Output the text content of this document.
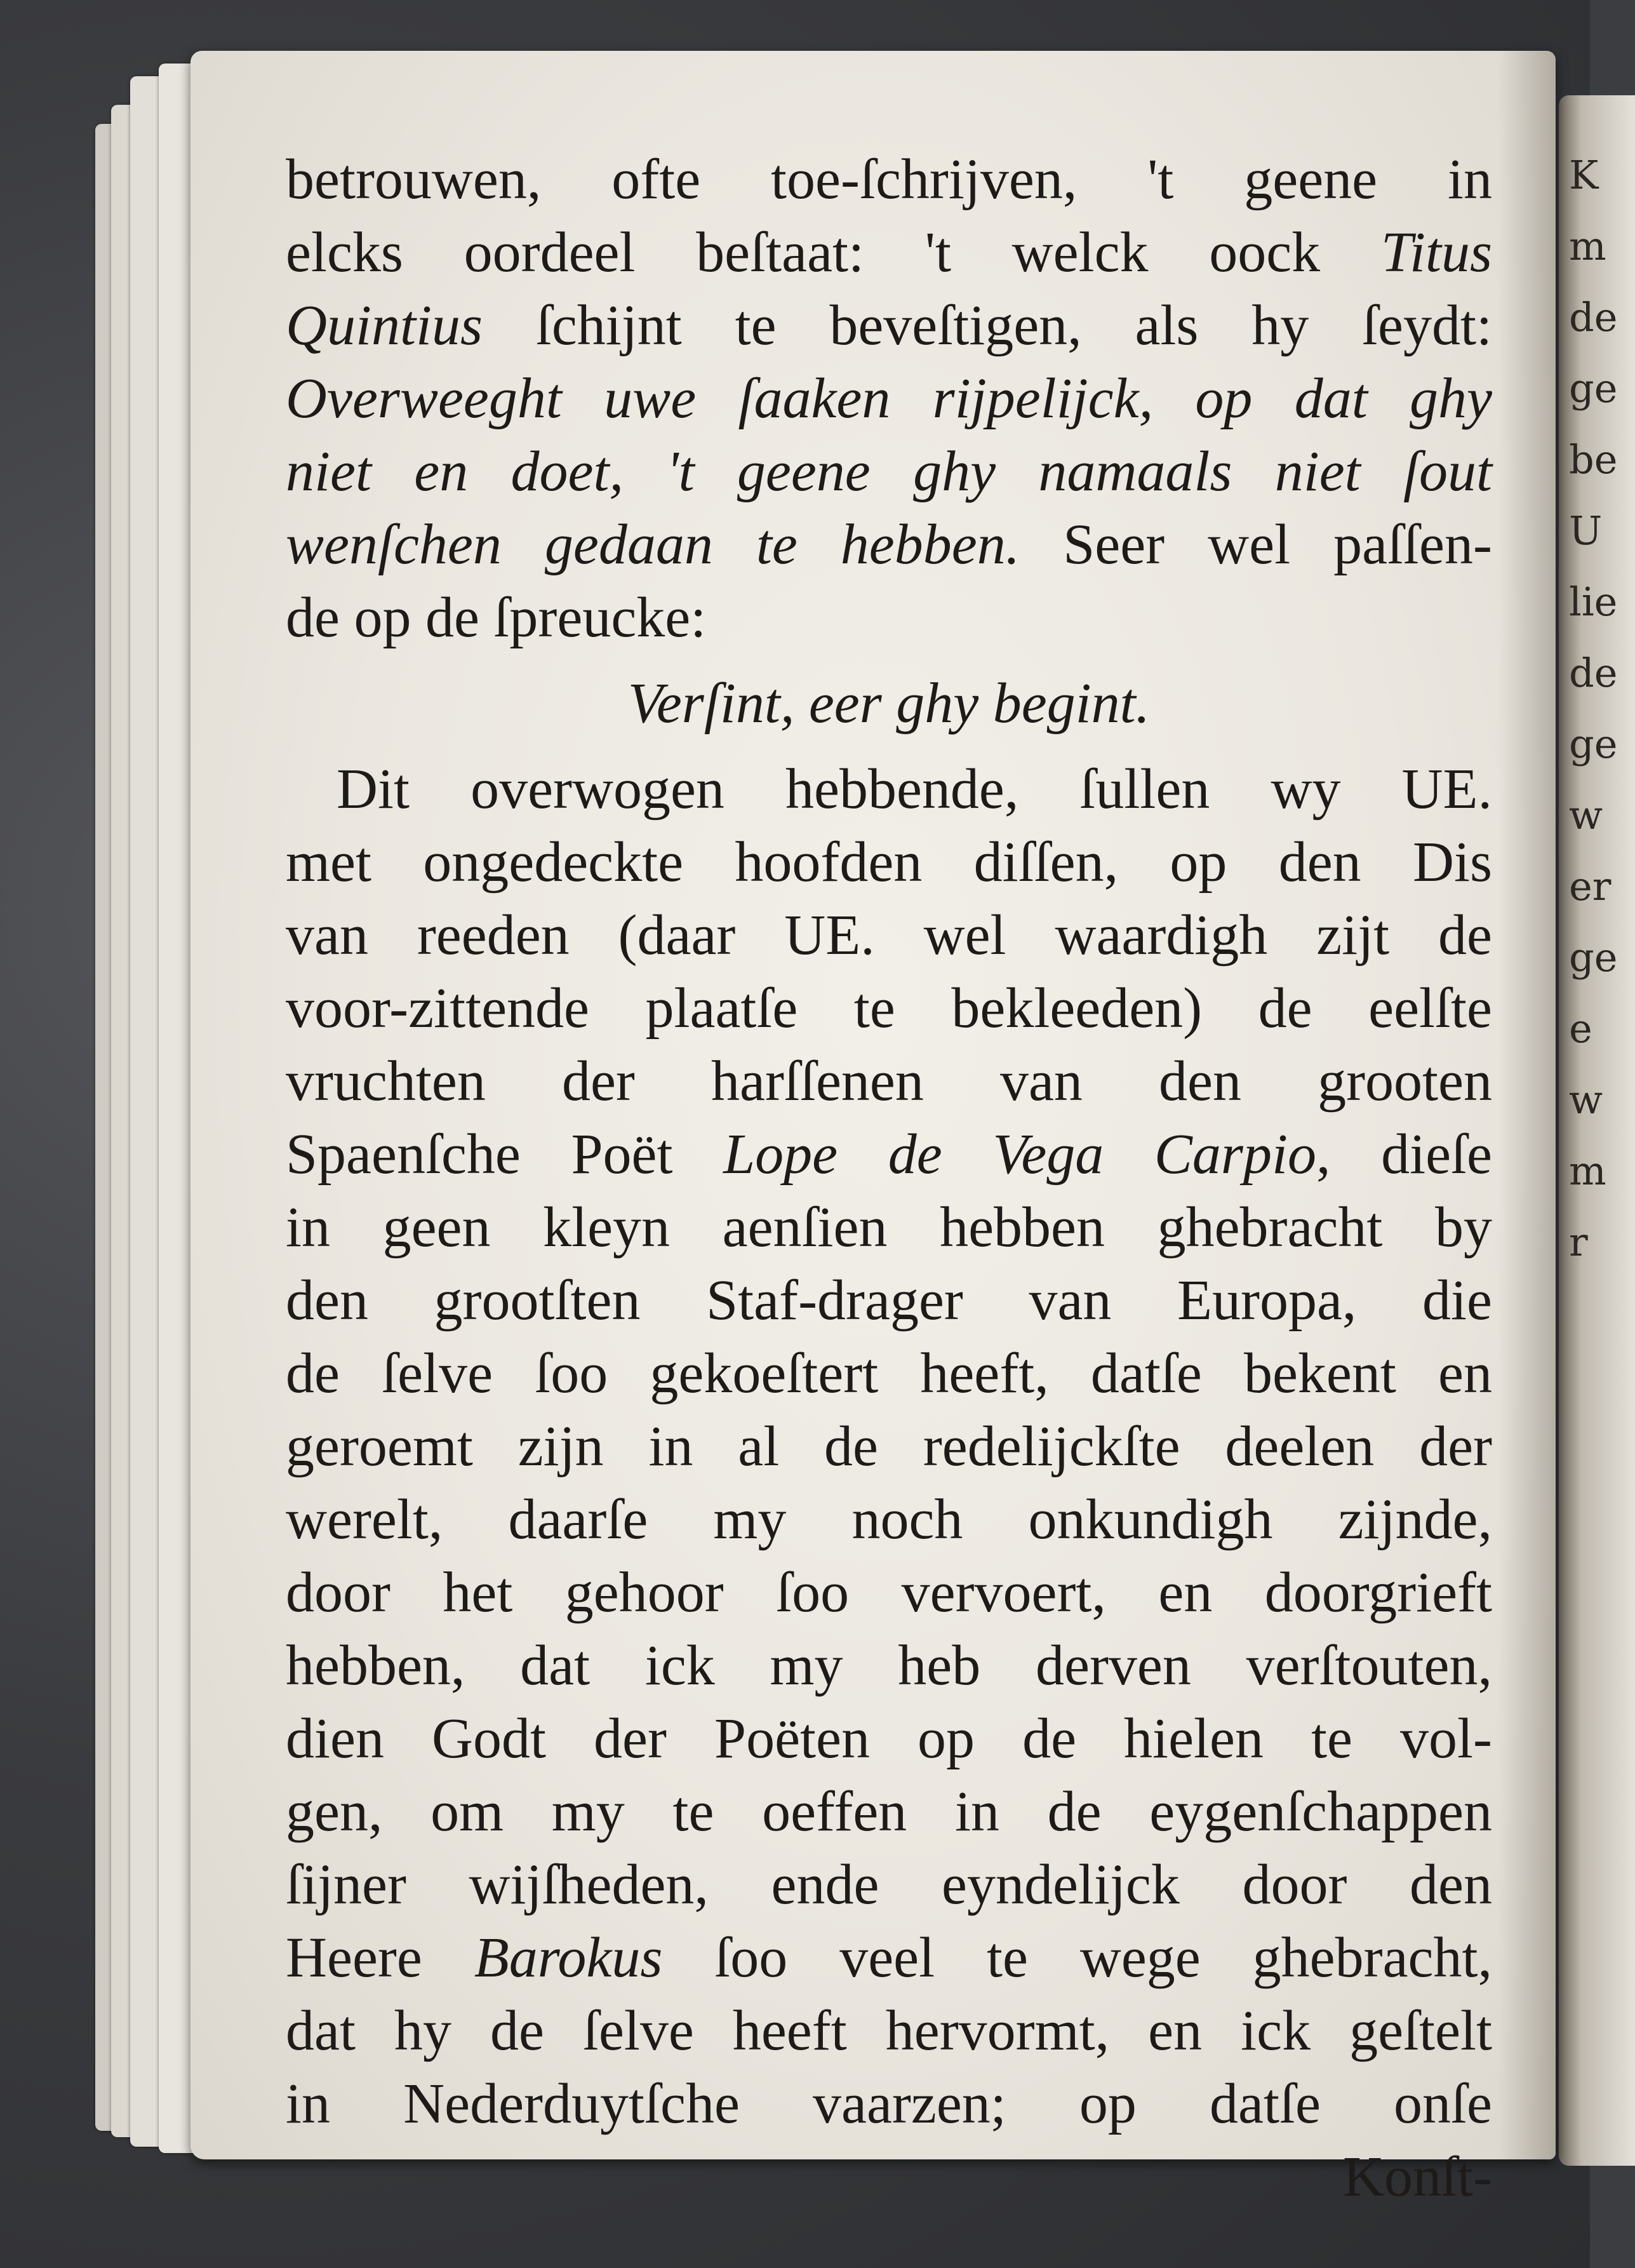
K
m
de
ge
be
U
lie
de
ge
w
er
ge
e
w
m
r
betrouwen, ofte toe-ſchrijven, 't geene in
elcks oordeel beſtaat: 't welck oock Titus
Quintius ſchijnt te beveſtigen, als hy ſeydt:
Overweeght uwe ſaaken rijpelijck, op dat ghy
niet en doet, 't geene ghy namaals niet ſout
wenſchen gedaan te hebben. Seer wel paſſen-
de op de ſpreucke:
Verſint, eer ghy begint.
Dit overwogen hebbende, ſullen wy UE.
met ongedeckte hoofden diſſen, op den Dis
van reeden (daar UE. wel waardigh zijt de
voor-zittende plaatſe te bekleeden) de eelſte
vruchten der harſſenen van den grooten
Spaenſche Poët Lope de Vega Carpio, dieſe
in geen kleyn aenſien hebben ghebracht by
den grootſten Staf-drager van Europa, die
de ſelve ſoo gekoeſtert heeft, datſe bekent en
geroemt zijn in al de redelijckſte deelen der
werelt, daarſe my noch onkundigh zijnde,
door het gehoor ſoo vervoert, en doorgrieft
hebben, dat ick my heb derven verſtouten,
dien Godt der Poëten op de hielen te vol-
gen, om my te oeffen in de eygenſchappen
ſijner wijſheden, ende eyndelijck door den
Heere Barokus ſoo veel te wege ghebracht,
dat hy de ſelve heeft hervormt, en ick geſtelt
in Nederduytſche vaarzen; op datſe onſe
Konſt-
